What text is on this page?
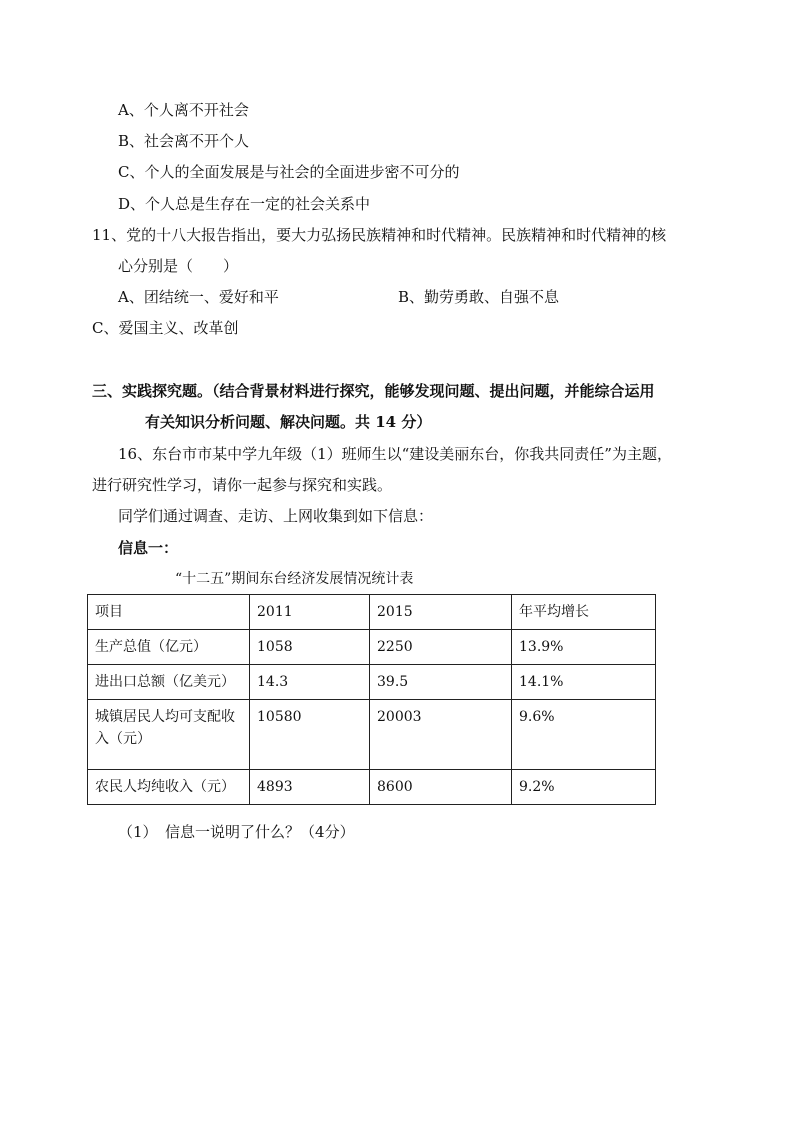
A、个人离不开社会
B、社会离不开个人
C、个人的全面发展是与社会的全面进步密不可分的
D、个人总是生存在一定的社会关系中
11、党的十八大报告指出，要大力弘扬民族精神和时代精神。民族精神和时代精神的核
心分别是（　　）
A、团结统一、爱好和平	B、勤劳勇敢、自强不息
C、爱国主义、改革创
三、实践探究题。（结合背景材料进行探究，能够发现问题、提出问题，并能综合运用
有关知识分析问题、解决问题。共 14 分）
16、东台市市某中学九年级（1）班师生以“建设美丽东台，你我共同责任”为主题，
进行研究性学习，请你一起参与探究和实践。
同学们通过调查、走访、上网收集到如下信息：
信息一：
“十二五”期间东台经济发展情况统计表
项目	2011	2015	年平均增长
生产总值（亿元）	1058	2250	13.9%
进出口总额（亿美元）	14.3	39.5	14.1%
城镇居民人均可支配收入（元）	10580	20003	9.6%
农民人均纯收入（元）	4893	8600	9.2%
（1）　信息一说明了什么？（4分）
